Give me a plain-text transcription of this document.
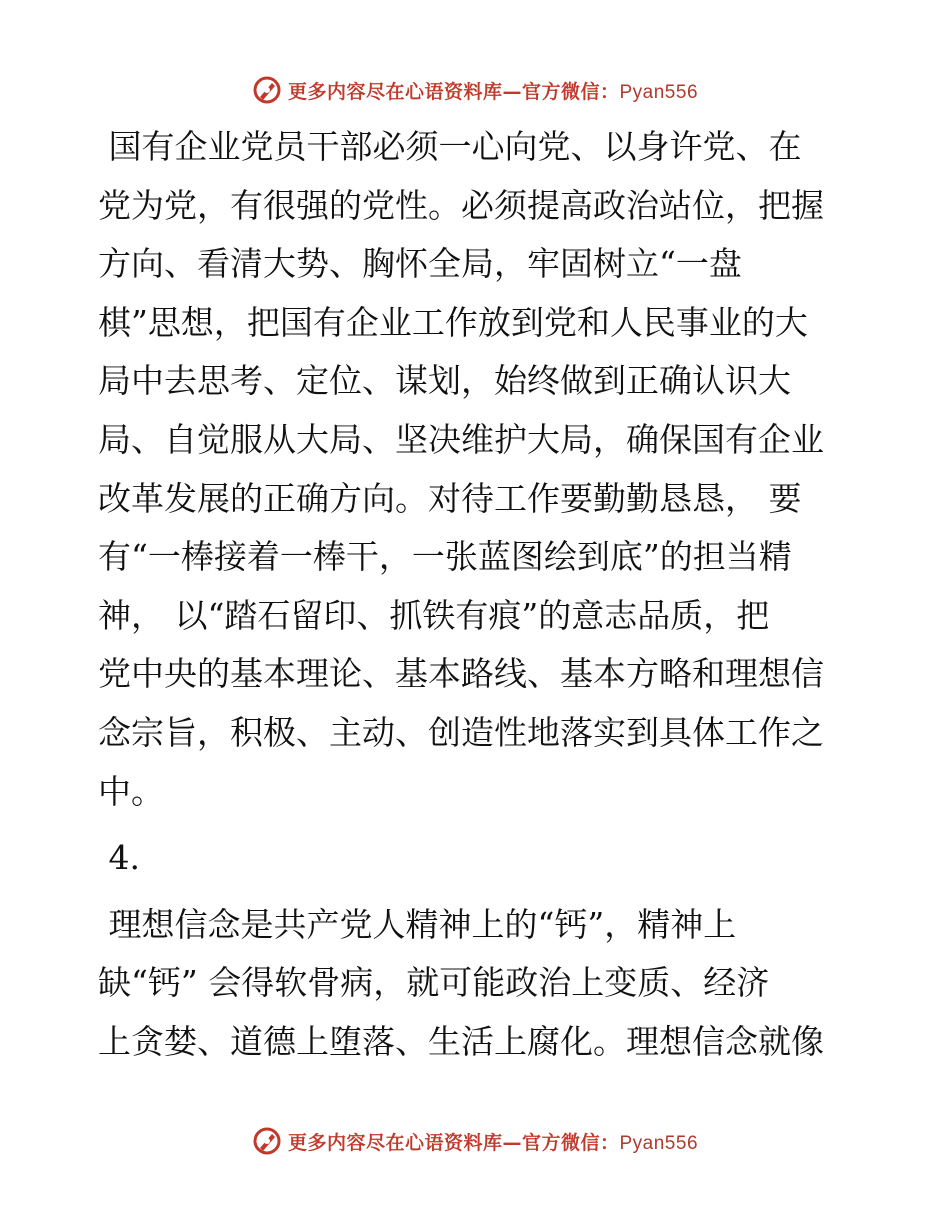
更多内容尽在心语资料库—官方微信：Pyan556
国有企业党员干部必须一心向党、以身许党、在
党为党，有很强的党性。必须提高政治站位，把握
方向、看清大势、胸怀全局，牢固树立“一盘
棋”思想，把国有企业工作放到党和人民事业的大
局中去思考、定位、谋划，始终做到正确认识大
局、自觉服从大局、坚决维护大局，确保国有企业
改革发展的正确方向。对待工作要勤勤恳恳， 要
有“一棒接着一棒干，一张蓝图绘到底”的担当精
神， 以“踏石留印、抓铁有痕”的意志品质，把
党中央的基本理论、基本路线、基本方略和理想信
念宗旨，积极、主动、创造性地落实到具体工作之
中。
4.
理想信念是共产党人精神上的“钙”，精神上
缺“钙” 会得软骨病，就可能政治上变质、经济
上贪婪、道德上堕落、生活上腐化。理想信念就像
更多内容尽在心语资料库—官方微信：Pyan556
